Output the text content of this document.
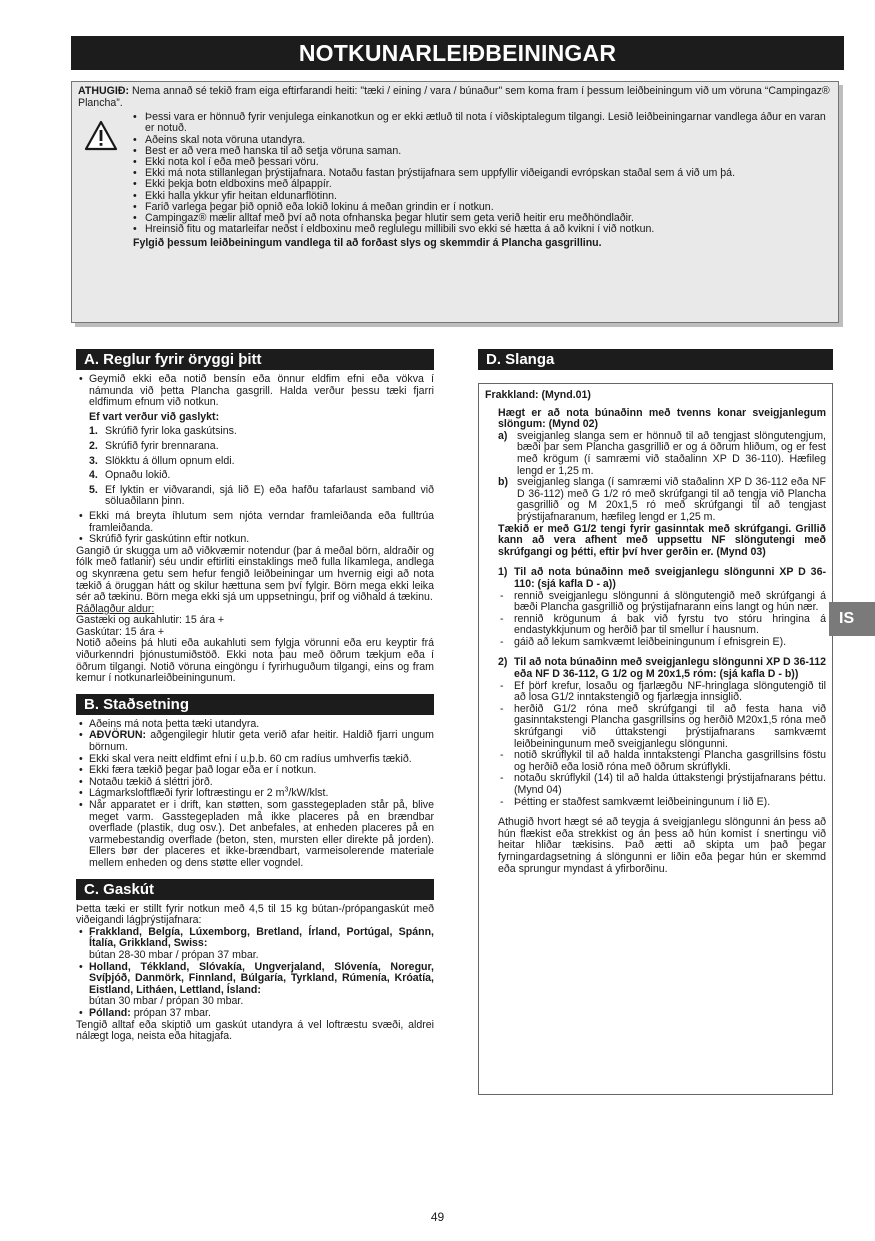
NOTKUNARLEIÐBEININGAR

ATHUGIÐ: Nema annað sé tekið fram eiga eftirfarandi heiti: "tæki / eining / vara / búnaður" sem koma fram í þessum leiðbeiningum við um vöruna “Campingaz® Plancha”.

• Þessi vara er hönnuð fyrir venjulega einkanotkun og er ekki ætluð til nota í viðskiptalegum tilgangi. Lesið leiðbeiningarnar vandlega áður en varan er notuð.
• Aðeins skal nota vöruna utandyra.
• Best er að vera með hanska til að setja vöruna saman.
• Ekki nota kol í eða með þessari vöru.
• Ekki má nota stillanlegan þrýstijafnara. Notaðu fastan þrýstijafnara sem uppfyllir viðeigandi evrópskan staðal sem á við um þá.
• Ekki þekja botn eldboxins með álpappír.
• Ekki halla ykkur yfir heitan eldunarflötinn.
• Farið varlega þegar þið opnið eða lokið lokinu á meðan grindin er í notkun.
• Campingaz® mælir alltaf með því að nota ofnhanska þegar hlutir sem geta verið heitir eru meðhöndlaðir.
• Hreinsið fitu og matarleifar neðst í eldboxinu með reglulegu millibili svo ekki sé hætta á að kvikni í við notkun.

Fylgið þessum leiðbeiningum vandlega til að forðast slys og skemmdir á Plancha gasgrillinu.

A. Reglur fyrir öryggi þitt
• Geymið ekki eða notið bensín eða önnur eldfim efni eða vökva í námunda við þetta Plancha gasgrill. Halda verður þessu tæki fjarri eldfimum efnum við notkun.
Ef vart verður við gaslykt:
1. Skrúfið fyrir loka gaskútsins.
2. Skrúfið fyrir brennarana.
3. Slökktu á öllum opnum eldi.
4. Opnaðu lokið.
5. Ef lyktin er viðvarandi, sjá lið E) eða hafðu tafarlaust samband við söluaðilann þinn.
• Ekki má breyta íhlutum sem njóta verndar framleiðanda eða fulltrúa framleiðanda.
• Skrúfið fyrir gaskútinn eftir notkun.
Gangið úr skugga um að viðkvæmir notendur (þar á meðal börn, aldraðir og fólk með fatlanir) séu undir eftirliti einstaklings með fulla líkamlega, andlega og skynræna getu sem hefur fengið leiðbeiningar um hvernig eigi að nota tækið á öruggan hátt og skilur hættuna sem því fylgir. Börn mega ekki leika sér að tækinu. Börn mega ekki sjá um uppsetningu, þrif og viðhald á tækinu.
Ráðlagður aldur:
Gastæki og aukahlutir: 15 ára +
Gaskútar: 15 ára +
Notið aðeins þá hluti eða aukahluti sem fylgja vörunni eða eru keyptir frá viðurkenndri þjónustumiðstöð. Ekki nota þau með öðrum tækjum eða í öðrum tilgangi. Notið vöruna eingöngu í fyrirhuguðum tilgangi, eins og fram kemur í notkunarleiðbeiningunum.
B. Staðsetning
• Aðeins má nota þetta tæki utandyra.
• AÐVÖRUN: aðgengilegir hlutir geta verið afar heitir. Haldið fjarri ungum börnum.
• Ekki skal vera neitt eldfimt efni í u.þ.b. 60 cm radíus umhverfis tækið.
• Ekki færa tækið þegar það logar eða er í notkun.
• Notaðu tækið á sléttri jörð.
• Lágmarksloftflæði fyrir loftræstingu er 2 $m^3/kW$/klst.
• Når apparatet er i drift, kan støtten, som gasstegepladen står på, blive meget varm. Gasstegepladen må ikke placeres på en brændbar overflade (plastik, dug osv.). Det anbefales, at enheden placeres på en varmebestandig overflade (beton, sten, mursten eller direkte på jorden). Ellers bør der placeres et ikke-brændbart, varmeisolerende materiale mellem enheden og dens støtte eller vogndel.
C. Gaskút
Þetta tæki er stillt fyrir notkun með 4,5 til 15 kg bútan-/própangaskút með viðeigandi lágþrýstijafnara:
• Frakkland, Belgía, Lúxemborg, Bretland, Írland, Portúgal, Spánn, Ítalía, Grikkland, Swiss:
bútan 28-30 mbar / própan 37 mbar.
• Holland, Tékkland, Slóvakía, Ungverjaland, Slóvenía, Noregur, Svíþjóð, Danmörk, Finnland, Búlgaría, Tyrkland, Rúmenía, Króatía, Eistland, Litháen, Lettland, Ísland:
bútan 30 mbar / própan 30 mbar.
• Pólland: própan 37 mbar.
Tengið alltaf eða skiptið um gaskút utandyra á vel loftræstu svæði, aldrei nálægt loga, neista eða hitagjafa.
D. Slanga

Frakkland: (Mynd.01)

Hægt er að nota búnaðinn með tvenns konar sveigjanlegum slöngum: (Mynd 02)

a) sveigjanleg slanga sem er hönnuð til að tengjast slöngutengjum, bæði þar sem Plancha gasgrillið er og á öðrum hliðum, og er fest með krögum (í samræmi við staðalinn XP D 36-110). Hæfileg lengd er 1,25 m.

b) sveigjanleg slanga (í samræmi við staðalinn XP D 36-112 eða NF D 36-112) með G 1/2 ró með skrúfgangi til að tengja við Plancha gasgrillið og M 20x1,5 ró með skrúfgangi til að tengjast þrýstijafnaranum, hæfileg lengd er 1,25 m.

Tækið er með G1/2 tengi fyrir gasinntak með skrúfgangi. Grillið kann að vera afhent með uppsettu NF slöngutengi með skrúfgangi og þétti, eftir því hver gerðin er. (Mynd 03)

1) Til að nota búnaðinn með sveigjanlegu slöngunni XP D 36-110: (sjá kafla D - a))

- rennið sveigjanlegu slöngunni á slöngutengið með skrúfgangi á bæði Plancha gasgrillið og þrýstijafnarann eins langt og hún nær.

- rennið krögunum á bak við fyrstu tvo stóru hringina á endastykkjunum og herðið þar til smellur í hausnum.

- gáið að lekum samkvæmt leiðbeiningunum í efnisgrein E).

2) Til að nota búnaðinn með sveigjanlegu slöngunni XP D 36-112 eða NF D 36-112, G 1/2 og M 20x1,5 róm: (sjá kafla D - b))

- Ef þörf krefur, losaðu og fjarlægðu NF-hringlaga slöngutengið til að losa G1/2 inntakstengið og fjarlægja innsiglið.

- herðið G1/2 róna með skrúfgangi til að festa hana við gasinntakstengi Plancha gasgrillsins og herðið M20x1,5 róna með skrúfgangi við úttakstengi þrýstijafnarans samkvæmt leiðbeiningunum með sveigjanlegu slöngunni.

- notið skrúflykil til að halda inntakstengi Plancha gasgrillsins föstu og herðið eða losið róna með öðrum skrúflykli.

- notaðu skrúflykil (14) til að halda úttakstengi þrýstijafnarans þéttu. (Mynd 04)

- Þétting er staðfest samkvæmt leiðbeiningunum í lið E).

Athugið hvort hægt sé að teygja á sveigjanlegu slöngunni án þess að hún flækist eða strekkist og án þess að hún komist í snertingu við heitar hliðar tækisins. Það ætti að skipta um það þegar fyrningardagsetning á slöngunni er liðin eða þegar hún er skemmd eða sprungur myndast á yfirborðinu.

IS
49
